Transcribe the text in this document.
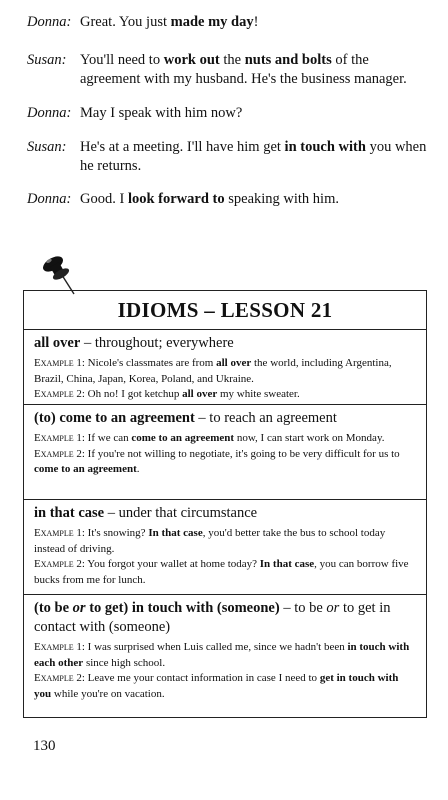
Donna: Great. You just made my day!
Susan: You'll need to work out the nuts and bolts of the agreement with my husband. He's the business manager.
Donna: May I speak with him now?
Susan: He's at a meeting. I'll have him get in touch with you when he returns.
Donna: Good. I look forward to speaking with him.
IDIOMS – LESSON 21
all over – throughout; everywhere
Example 1: Nicole's classmates are from all over the world, including Argentina, Brazil, China, Japan, Korea, Poland, and Ukraine.
Example 2: Oh no! I got ketchup all over my white sweater.
(to) come to an agreement – to reach an agreement
Example 1: If we can come to an agreement now, I can start work on Monday.
Example 2: If you're not willing to negotiate, it's going to be very difficult for us to come to an agreement.
in that case – under that circumstance
Example 1: It's snowing? In that case, you'd better take the bus to school today instead of driving.
Example 2: You forgot your wallet at home today? In that case, you can borrow five bucks from me for lunch.
(to be or to get) in touch with (someone) – to be or to get in contact with (someone)
Example 1: I was surprised when Luis called me, since we hadn't been in touch with each other since high school.
Example 2: Leave me your contact information in case I need to get in touch with you while you're on vacation.
130
